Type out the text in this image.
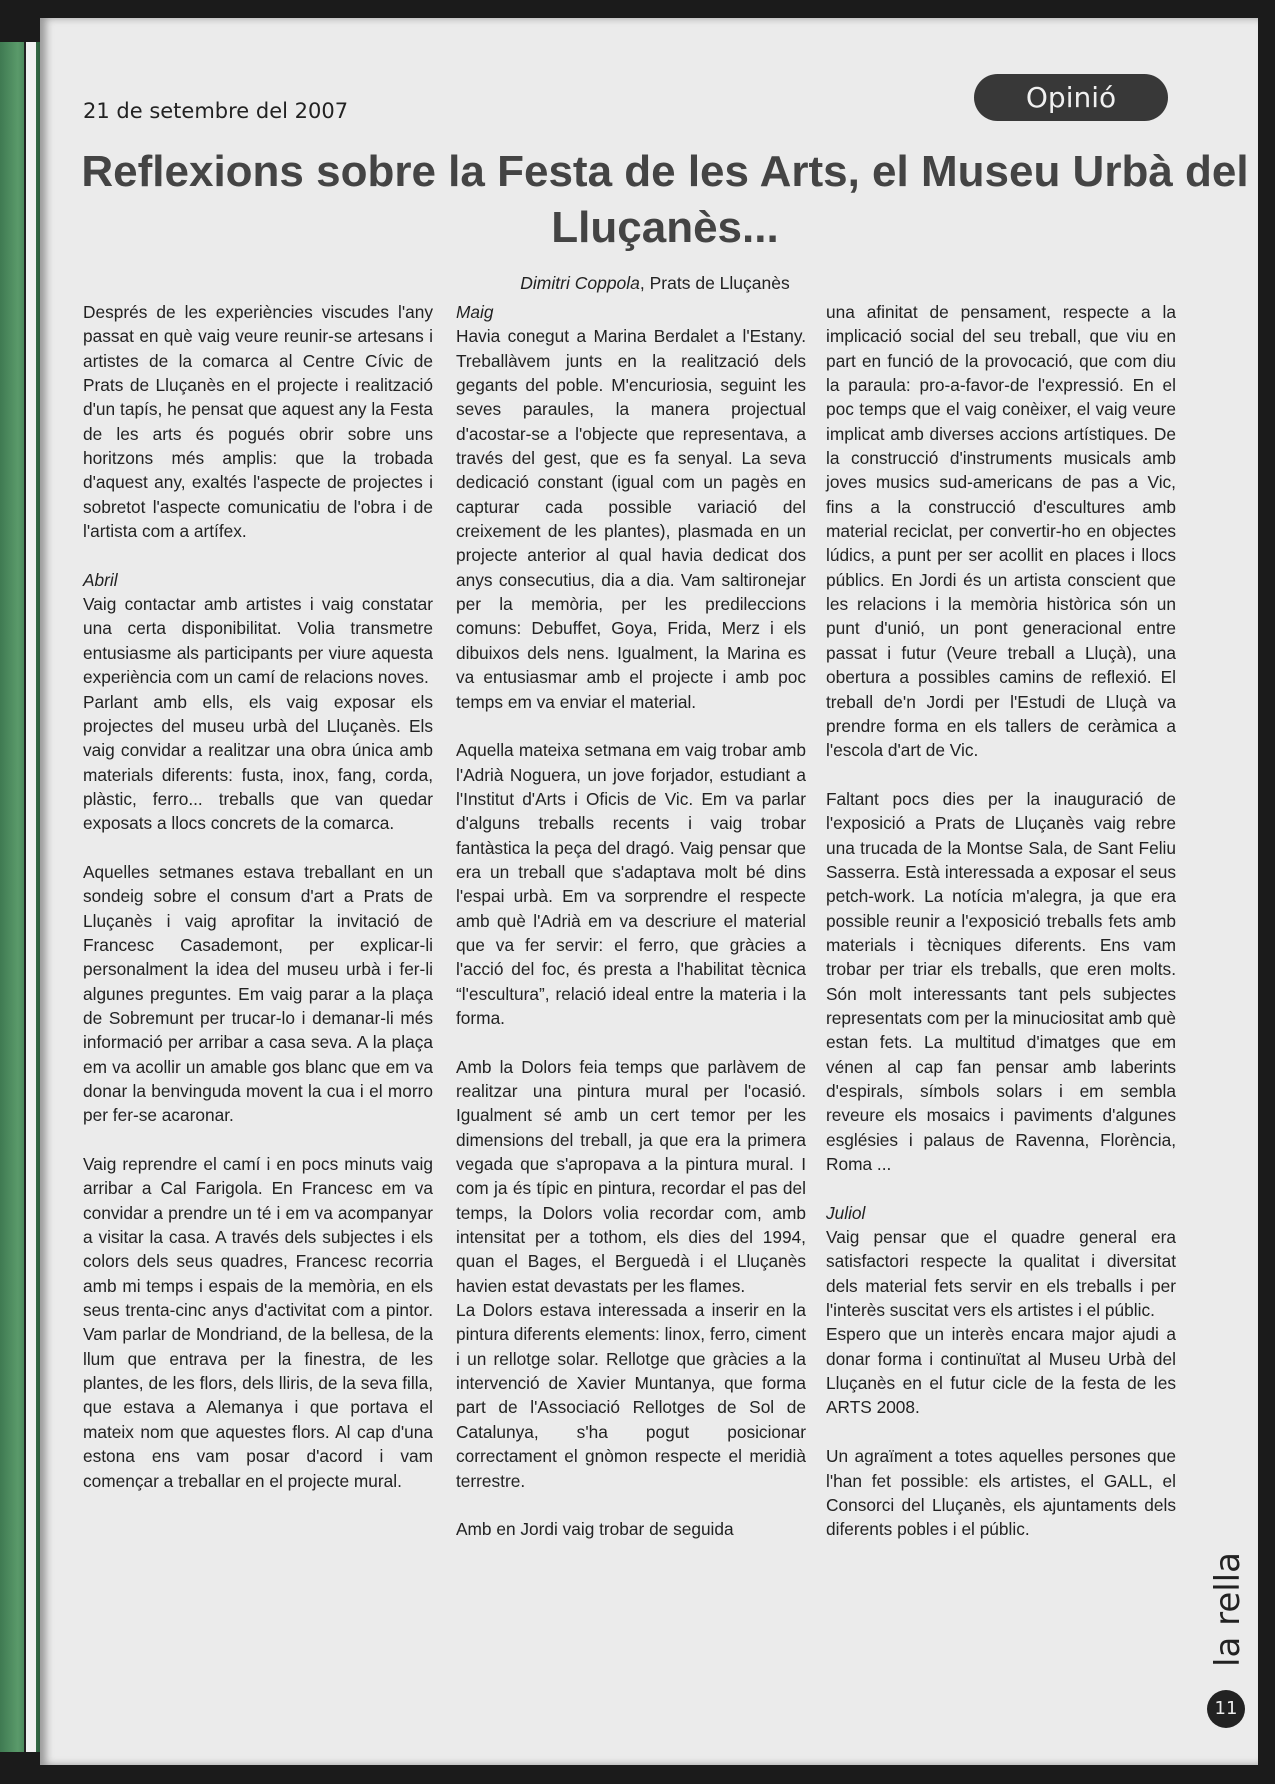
21 de setembre del 2007	Opinió
Reflexions sobre la Festa de les Arts, el Museu Urbà del Lluçanès...
Dimitri Coppola, Prats de Lluçanès

Després de les experiències viscudes l'any passat en què vaig veure reunir-se artesans i artistes de la comarca al Centre Cívic de Prats de Lluçanès en el projecte i realització d'un tapís, he pensat que aquest any la Festa de les arts és pogués obrir sobre uns horitzons més amplis: que la trobada d'aquest any, exaltés l'aspecte de projectes i sobretot l'aspecte comunicatiu de l'obra i de l'artista com a artífex.

Abril
Vaig contactar amb artistes i vaig constatar una certa disponibilitat. Volia transmetre entusiasme als participants per viure aquesta experiència com un camí de relacions noves.

Parlant amb ells, els vaig exposar els projectes del museu urbà del Lluçanès. Els vaig convidar a realitzar una obra única amb materials diferents: fusta, inox, fang, corda, plàstic, ferro... treballs que van quedar exposats a llocs concrets de la comarca.

Aquelles setmanes estava treballant en un sondeig sobre el consum d'art a Prats de Lluçanès i vaig aprofitar la invitació de Francesc Casademont, per explicar-li personalment la idea del museu urbà i fer-li algunes preguntes. Em vaig parar a la plaça de Sobremunt per trucar-lo i demanar-li més informació per arribar a casa seva. A la plaça em va acollir un amable gos blanc que em va donar la benvinguda movent la cua i el morro per fer-se acaronar.

Vaig reprendre el camí i en pocs minuts vaig arribar a Cal Farigola. En Francesc em va convidar a prendre un té i em va acompanyar a visitar la casa. A través dels subjectes i els colors dels seus quadres, Francesc recorria amb mi temps i espais de la memòria, en els seus trenta-cinc anys d'activitat com a pintor. Vam parlar de Mondriand, de la bellesa, de la llum que entrava per la finestra, de les plantes, de les flors, dels lliris, de la seva filla, que estava a Alemanya i que portava el mateix nom que aquestes flors. Al cap d'una estona ens vam posar d'acord i vam començar a treballar en el projecte mural.

Maig
Havia conegut a Marina Berdalet a l'Estany. Treballàvem junts en la realització dels gegants del poble. M'encuriosia, seguint les seves paraules, la manera projectual d'acostar-se a l'objecte que representava, a través del gest, que es fa senyal. La seva dedicació constant (igual com un pagès en capturar cada possible variació del creixement de les plantes), plasmada en un projecte anterior al qual havia dedicat dos anys consecutius, dia a dia. Vam saltironejar per la memòria, per les predileccions comuns: Debuffet, Goya, Frida, Merz i els dibuixos dels nens. Igualment, la Marina es va entusiasmar amb el projecte i amb poc temps em va enviar el material.

Aquella mateixa setmana em vaig trobar amb l'Adrià Noguera, un jove forjador, estudiant a l'Institut d'Arts i Oficis de Vic. Em va parlar d'alguns treballs recents i vaig trobar fantàstica la peça del dragó. Vaig pensar que era un treball que s'adaptava molt bé dins l'espai urbà. Em va sorprendre el respecte amb què l'Adrià em va descriure el material que va fer servir: el ferro, que gràcies a l'acció del foc, és presta a l'habilitat tècnica “l'escultura”, relació ideal entre la materia i la forma.

Amb la Dolors feia temps que parlàvem de realitzar una pintura mural per l'ocasió. Igualment sé amb un cert temor per les dimensions del treball, ja que era la primera vegada que s'apropava a la pintura mural. I com ja és típic en pintura, recordar el pas del temps, la Dolors volia recordar com, amb intensitat per a tothom, els dies del 1994, quan el Bages, el Berguedà i el Lluçanès havien estat devastats per les flames.

La Dolors estava interessada a inserir en la pintura diferents elements: linox, ferro, ciment i un rellotge solar. Rellotge que gràcies a la intervenció de Xavier Muntanya, que forma part de l'Associació Rellotges de Sol de Catalunya, s'ha pogut posicionar correctament el gnòmon respecte el meridià terrestre.

Amb en Jordi vaig trobar de seguida

una afinitat de pensament, respecte a la implicació social del seu treball, que viu en part en funció de la provocació, que com diu la paraula: pro-a-favor-de l'expressió. En el poc temps que el vaig conèixer, el vaig veure implicat amb diverses accions artístiques. De la construcció d'instruments musicals amb joves musics sud-americans de pas a Vic, fins a la construcció d'escultures amb material reciclat, per convertir-ho en objectes lúdics, a punt per ser acollit en places i llocs públics. En Jordi és un artista conscient que les relacions i la memòria històrica són un punt d'unió, un pont generacional entre passat i futur (Veure treball a Lluçà), una obertura a possibles camins de reflexió. El treball de'n Jordi per l'Estudi de Lluçà va prendre forma en els tallers de ceràmica a l'escola d'art de Vic.

Faltant pocs dies per la inauguració de l'exposició a Prats de Lluçanès vaig rebre una trucada de la Montse Sala, de Sant Feliu Sasserra. Està interessada a exposar el seus petch-work. La notícia m'alegra, ja que era possible reunir a l'exposició treballs fets amb materials i tècniques diferents. Ens vam trobar per triar els treballs, que eren molts. Són molt interessants tant pels subjectes representats com per la minuciositat amb què estan fets. La multitud d'imatges que em vénen al cap fan pensar amb laberints d'espirals, símbols solars i em sembla reveure els mosaics i paviments d'algunes esglésies i palaus de Ravenna, Florència, Roma ...

Juliol
Vaig pensar que el quadre general era satisfactori respecte la qualitat i diversitat dels material fets servir en els treballs i per l'interès suscitat vers els artistes i el públic.

Espero que un interès encara major ajudi a donar forma i continuïtat al Museu Urbà del Lluçanès en el futur cicle de la festa de les ARTS 2008.

Un agraïment a totes aquelles persones que l'han fet possible: els artistes, el GALL, el Consorci del Lluçanès, els ajuntaments dels diferents pobles i el públic.

la rella
11
